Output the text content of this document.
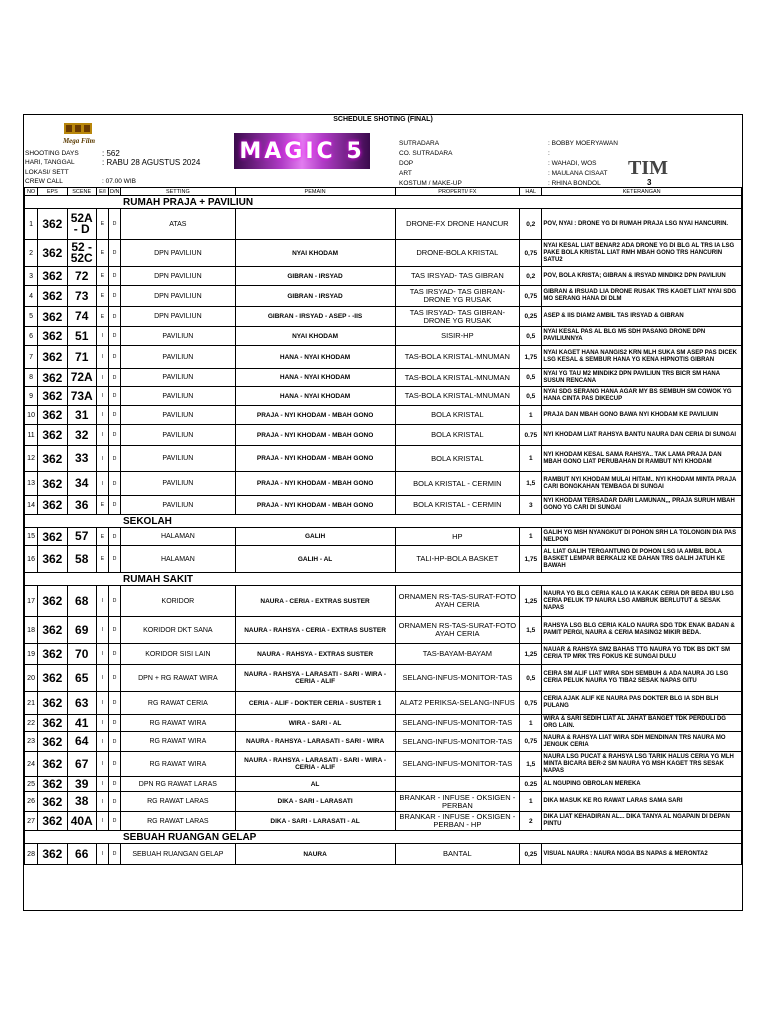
SCHEDULE SHOTING (FINAL)
Mega Film	MAGIC 5
SHOOTING DAYS	: 562
HARI, TANGGAL	: RABU 28 AGUSTUS 2024
LOKASI/ SETT
CREW CALL	: 07.00 WIB
SUTRADARA	: BOBBY MOERYAWAN
CO. SUTRADARA	:
DOP	: WAHADI, WOS
ART	: MAULANA CISAAT
KOSTUM / MAKE-UP	: RHINA BONDOL
TIM
3
NO	EPS	SCENE	E/I	D/N	SETTING	PEMAIN	PROPERTI/ FX	HAL	KETERANGAN
RUMAH PRAJA + PAVILIUN									
1	362	52A - D	E	D	ATAS		DRONE-FX DRONE HANCUR	0,2	POV, NYAI : DRONE YG DI RUMAH PRAJA LSG NYAI HANCURIN.
2	362	52 - 52C	E	D	DPN PAVILIUN	NYAI KHODAM	DRONE-BOLA KRISTAL	0,75	NYAI KESAL LIAT BENAR2 ADA DRONE YG DI BLG AL TRS IA LSG PAKE BOLA KRISTAL LIAT RMH MBAH GONO TRS HANCURIN SATU2
3	362	72	E	D	DPN PAVILIUN	GIBRAN - IRSYAD	TAS IRSYAD- TAS GIBRAN	0,2	POV, BOLA KRISTA; GIBRAN & IRSYAD MINDIK2 DPN PAVILIUN
4	362	73	E	D	DPN PAVILIUN	GIBRAN - IRSYAD	TAS IRSYAD- TAS GIBRAN-DRONE YG RUSAK	0,75	GIBRAN & IRSUAD LIA DRONE RUSAK TRS KAGET LIAT NYAI SDG MO SERANG HANA DI DLM
5	362	74	E	D	DPN PAVILIUN	GIBRAN - IRSYAD - ASEP - -IIS	TAS IRSYAD- TAS GIBRAN-DRONE YG RUSAK	0,25	ASEP & IIS DIAM2 AMBIL TAS IRSYAD & GIBRAN
6	362	51	I	D	PAVILIUN	NYAI KHODAM	SISIR-HP	0,5	NYAI KESAL PAS AL BLG M5 SDH PASANG DRONE DPN PAVILIUNNYA
7	362	71	I	D	PAVILIUN	HANA - NYAI KHODAM	TAS-BOLA KRISTAL-MNUMAN	1,75	NYAI KAGET HANA NANGIS2 KRN MLH SUKA SM ASEP PAS DICEK LSG KESAL & SEMBUR HANA YG KENA HIPNOTIS GIBRAN
8	362	72A	I	D	PAVILIUN	HANA - NYAI KHODAM	TAS-BOLA KRISTAL-MNUMAN	0,5	NYAI YG TAU M2 MINDIK2 DPN PAVILIUN TRS BICR SM HANA SUSUN RENCANA
9	362	73A	I	D	PAVILIUN	HANA - NYAI KHODAM	TAS-BOLA KRISTAL-MNUMAN	0,5	NYAI SDG SERANG HANA AGAR MY BS SEMBUH SM COWOK YG HANA CINTA PAS DIKECUP
10	362	31	I	D	PAVILIUN	PRAJA - NYI KHODAM - MBAH GONO	BOLA KRISTAL	1	PRAJA DAN MBAH GONO BAWA NYI KHODAM KE PAVILIUIN
11	362	32	I	D	PAVILIUN	PRAJA - NYI KHODAM - MBAH GONO	BOLA KRISTAL	0.75	NYI KHODAM LIAT RAHSYA BANTU NAURA DAN CERIA DI SUNGAI
12	362	33	I	D	PAVILIUN	PRAJA - NYI KHODAM - MBAH GONO	BOLA KRISTAL	1	NYI KHODAM KESAL SAMA RAHSYA.. TAK LAMA PRAJA DAN MBAH GONO LIAT PERUBAHAN DI RAMBUT NYI KHODAM
13	362	34	I	D	PAVILIUN	PRAJA - NYI KHODAM - MBAH GONO	BOLA KRISTAL - CERMIN	1,5	RAMBUT NYI KHODAM MULAI HITAM.. NYI KHODAM MINTA PRAJA CARI BONGKAHAN TEMBAGA DI SUNGAI
14	362	36	E	D	PAVILIUN	PRAJA - NYI KHODAM - MBAH GONO	BOLA KRISTAL - CERMIN	3	NYI KHODAM TERSADAR DARI LAMUNAN,,, PRAJA SURUH MBAH GONO YG CARI DI SUNGAI
SEKOLAH									
15	362	57	E	D	HALAMAN	GALIH	HP	1	GALIH YG MSH NYANGKUT DI POHON SRH LA TOLONGIN DIA PAS NELPON
16	362	58	E	D	HALAMAN	GALIH - AL	TALI-HP-BOLA BASKET	1,75	AL LIAT GALIH TERGANTUNG DI POHON LSG IA AMBIL BOLA BASKET LEMPAR BERKALI2 KE DAHAN TRS GALIH JATUH KE BAWAH
RUMAH SAKIT									
17	362	68	I	D	KORIDOR	NAURA - CERIA - EXTRAS SUSTER	ORNAMEN RS-TAS-SURAT-FOTO AYAH CERIA	1,25	NAURA YG BLG CERIA KALO IA KAKAK CERIA DR BEDA IBU LSG CERIA PELUK TP NAURA LSG AMBRUK BERLUTUT & SESAK NAPAS
18	362	69	I	D	KORIDOR DKT SANA	NAURA - RAHSYA - CERIA - EXTRAS SUSTER	ORNAMEN RS-TAS-SURAT-FOTO AYAH CERIA	1,5	RAHSYA LSG BLG CERIA KALO NAURA SDG TDK ENAK BADAN & PAMIT PERGI, NAURA & CERIA MASING2 MIKIR BEDA.
19	362	70	I	D	KORIDOR SISI LAIN	NAURA - RAHSYA - EXTRAS SUSTER	TAS-BAYAM-BAYAM	1,25	NAUAR & RAHSYA SM2 BAHAS TTG NAURA YG TDK BS DKT SM CERIA TP MRK TRS FOKUS KE SUNGAI DULU
20	362	65	I	D	DPN + RG RAWAT WIRA	NAURA - RAHSYA - LARASATI - SARI - WIRA - CERIA - ALIF	SELANG-INFUS-MONITOR-TAS	0,5	CEIRA SM ALIF LIAT WIRA SDH SEMBUH & ADA NAURA JG LSG CERIA PELUK NAURA YG TIBA2 SESAK NAPAS GITU
21	362	63	I	D	RG RAWAT CERIA	CERIA - ALIF - DOKTER CERIA - SUSTER 1	ALAT2 PERIKSA-SELANG-INFUS	0,75	CERIA AJAK ALIF KE NAURA PAS DOKTER BLG IA SDH BLH PULANG
22	362	41	I	D	RG RAWAT WIRA	WIRA - SARI - AL	SELANG-INFUS-MONITOR-TAS	1	WIRA & SARI SEDIH LIAT AL JAHAT BANGET TDK PERDULI DG ORG LAIN.
23	362	64	I	D	RG RAWAT WIRA	NAURA - RAHSYA - LARASATI - SARI - WIRA	SELANG-INFUS-MONITOR-TAS	0,75	NAURA & RAHSYA LIAT WIRA SDH MENDINAN TRS NAURA MO JENGUK CERIA
24	362	67	I	D	RG RAWAT WIRA	NAURA - RAHSYA - LARASATI - SARI - WIRA - CERIA - ALIF	SELANG-INFUS-MONITOR-TAS	1,5	NAURA LSG PUCAT & RAHSYA LSG TARIK HALUS CERIA YG MLH MINTA BICARA BER-2 SM NAURA YG MSH KAGET TRS SESAK NAPAS
25	362	39	I	D	DPN RG RAWAT LARAS	AL		0.25	AL NGUPING OBROLAN MEREKA
26	362	38	I	D	RG RAWAT LARAS	DIKA - SARI - LARASATI	BRANKAR - INFUSE - OKSIGEN - PERBAN	1	DIKA MASUK KE RG RAWAT LARAS SAMA SARI
27	362	40A	I	D	RG RAWAT LARAS	DIKA - SARI - LARASATI - AL	BRANKAR - INFUSE - OKSIGEN - PERBAN - HP	2	DIKA LIAT KEHADIRAN AL... DIKA TANYA AL NGAPAIN DI DEPAN PINTU
SEBUAH RUANGAN GELAP									
28	362	66	I	D	SEBUAH RUANGAN GELAP	NAURA	BANTAL	0,25	VISUAL NAURA : NAURA NGGA BS NAPAS & MERONTA2
